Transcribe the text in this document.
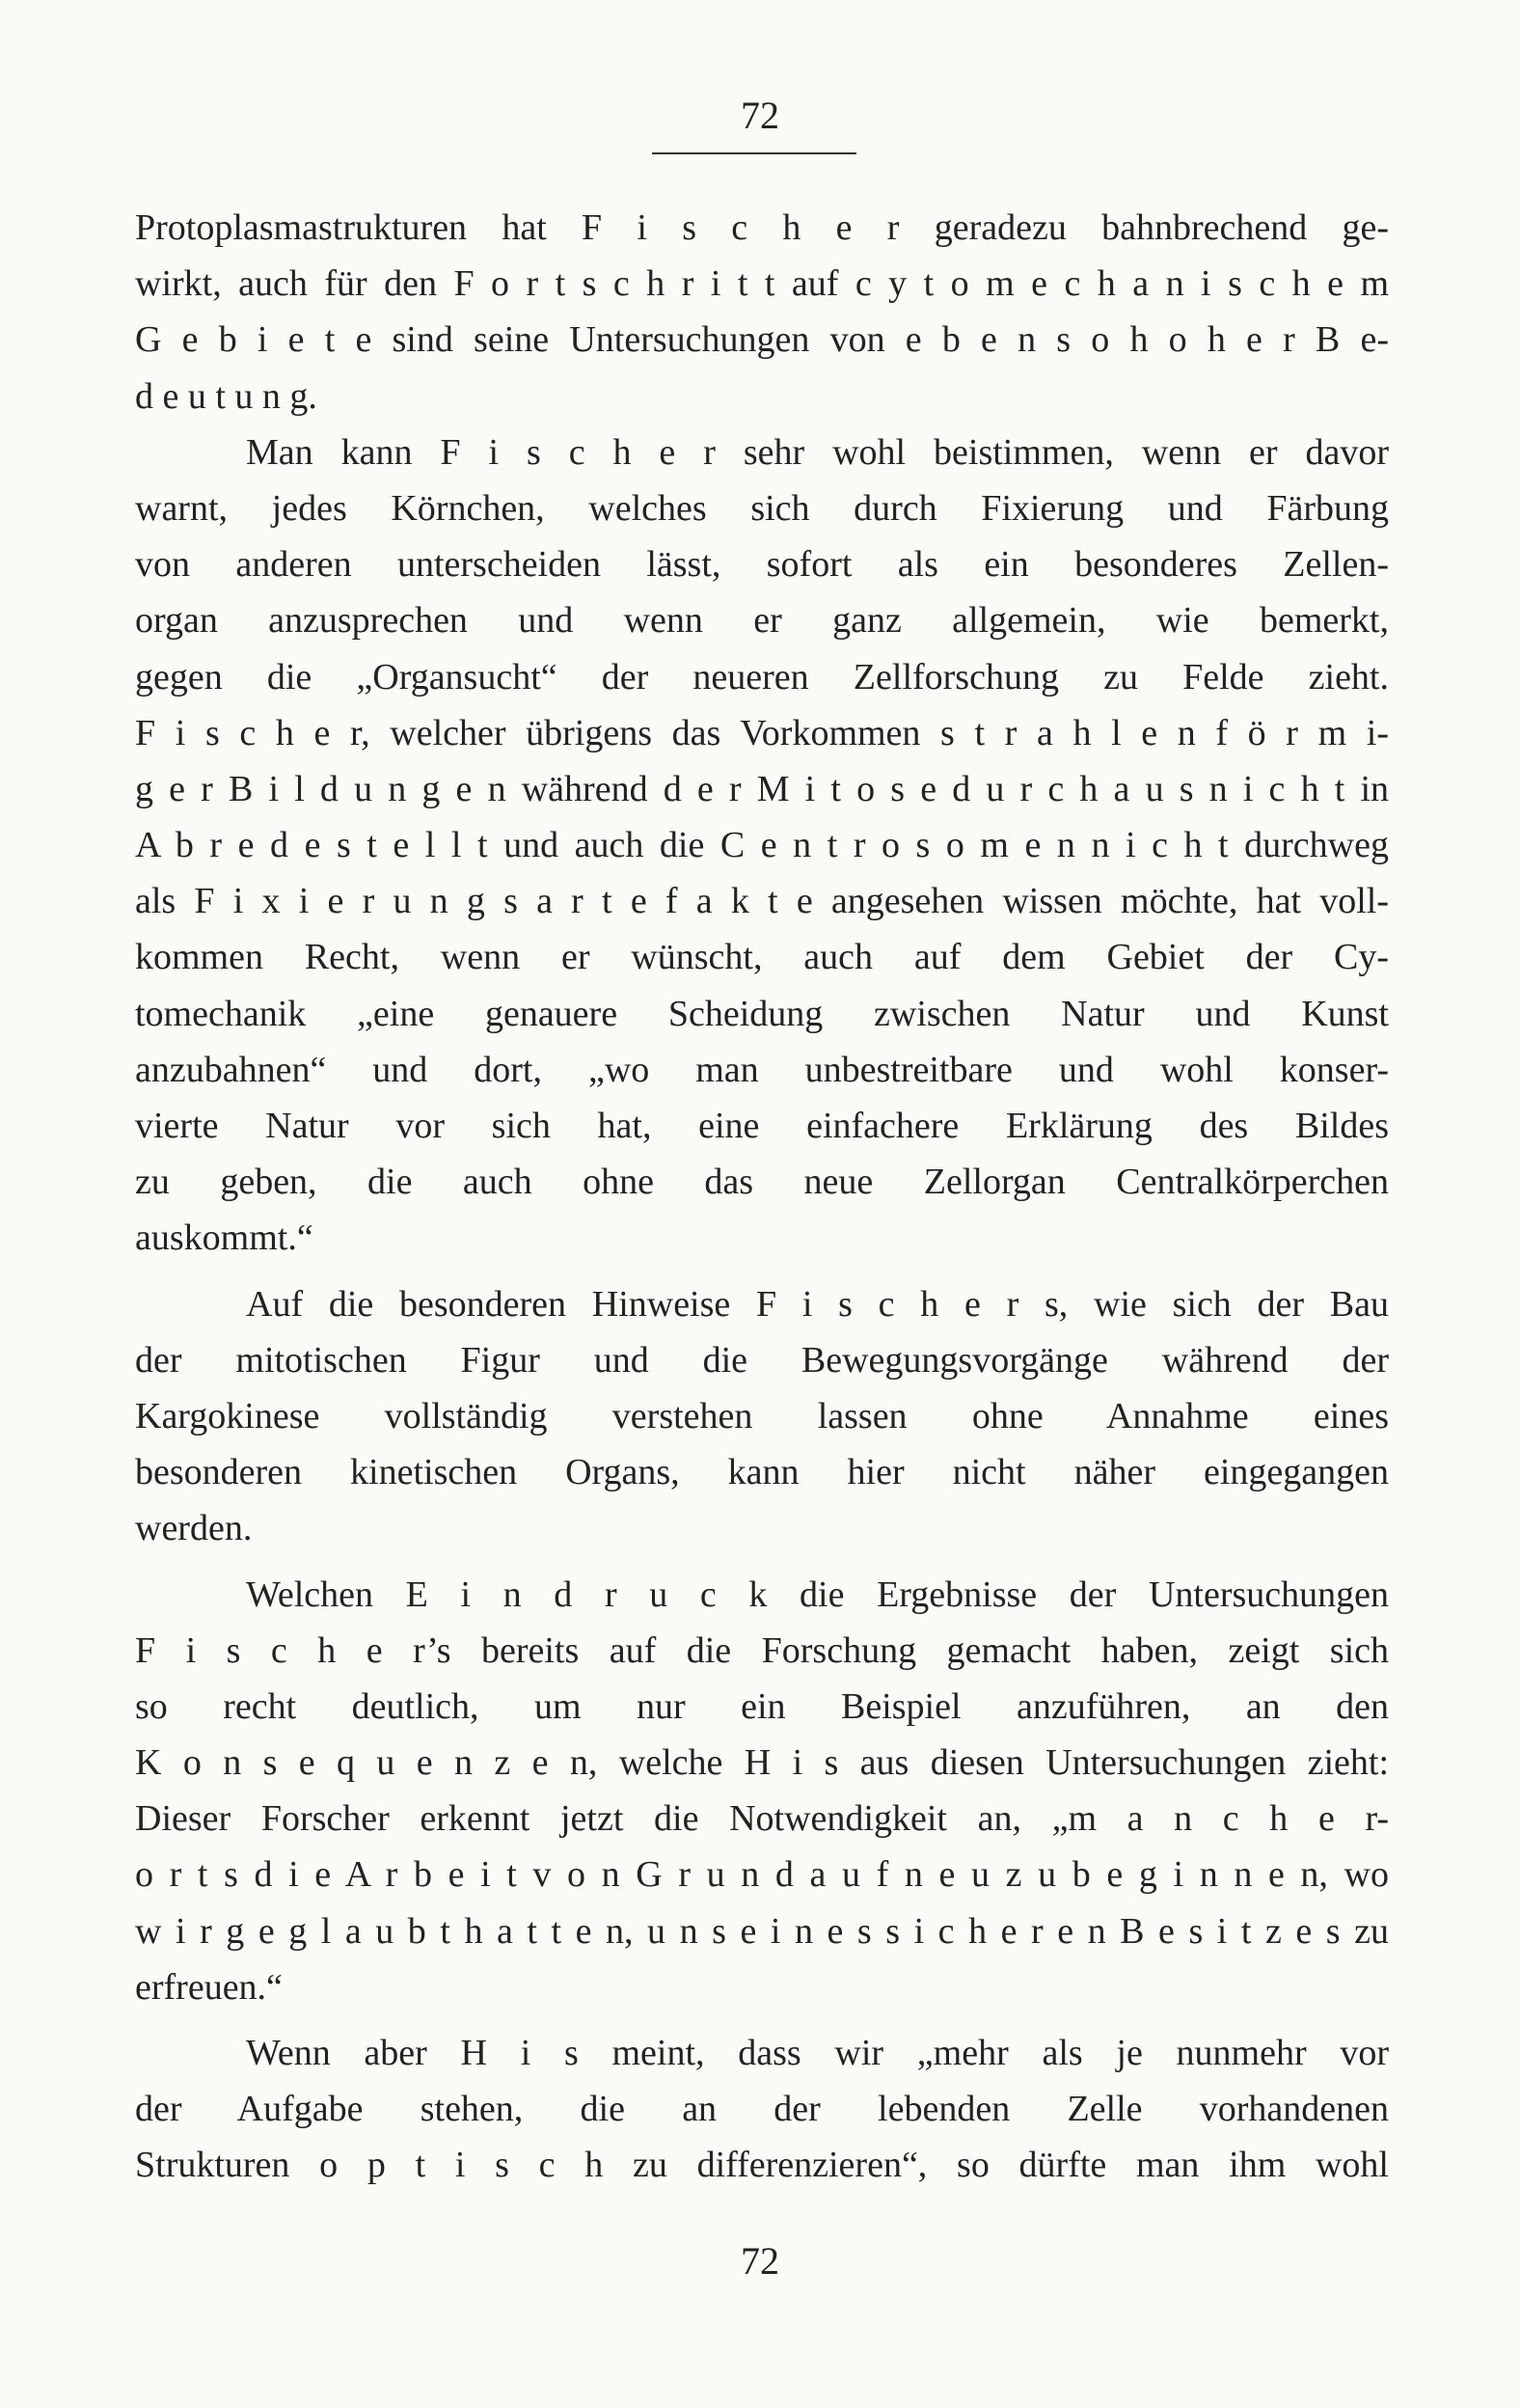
72
Protoplasmastrukturen hat F i s c h e r geradezu bahnbrechend ge-
wirkt, auch für den F o r t s c h r i t t auf c y t o m e c h a n i s c h e m
G e b i e t e sind seine Untersuchungen von e b e n s o h o h e r B e-
d e u t u n g.
Man kann F i s c h e r sehr wohl beistimmen, wenn er davor
warnt, jedes Körnchen, welches sich durch Fixierung und Färbung
von anderen unterscheiden lässt, sofort als ein besonderes Zellen-
organ anzusprechen und wenn er ganz allgemein, wie bemerkt,
gegen die „Organsucht“ der neueren Zellforschung zu Felde zieht.
F i s c h e r, welcher übrigens das Vorkommen s t r a h l e n f ö r m i-
g e r B i l d u n g e n während d e r M i t o s e d u r c h a u s n i c h t in
A b r e d e s t e l l t und auch die C e n t r o s o m e n n i c h t durchweg
als F i x i e r u n g s a r t e f a k t e angesehen wissen möchte, hat voll-
kommen Recht, wenn er wünscht, auch auf dem Gebiet der Cy-
tomechanik „eine genauere Scheidung zwischen Natur und Kunst
anzubahnen“ und dort, „wo man unbestreitbare und wohl konser-
vierte Natur vor sich hat, eine einfachere Erklärung des Bildes
zu geben, die auch ohne das neue Zellorgan Centralkörperchen
auskommt.“
Auf die besonderen Hinweise F i s c h e r s, wie sich der Bau
der mitotischen Figur und die Bewegungsvorgänge während der
Kargokinese vollständig verstehen lassen ohne Annahme eines
besonderen kinetischen Organs, kann hier nicht näher eingegangen
werden.
Welchen E i n d r u c k die Ergebnisse der Untersuchungen
F i s c h e r’s bereits auf die Forschung gemacht haben, zeigt sich
so recht deutlich, um nur ein Beispiel anzuführen, an den
K o n s e q u e n z e n, welche H i s aus diesen Untersuchungen zieht:
Dieser Forscher erkennt jetzt die Notwendigkeit an, „m a n c h e r-
o r t s d i e A r b e i t v o n G r u n d a u f n e u z u b e g i n n e n, wo
w i r g e g l a u b t h a t t e n, u n s e i n e s s i c h e r e n B e s i t z e s zu
erfreuen.“
Wenn aber H i s meint, dass wir „mehr als je nunmehr vor
der Aufgabe stehen, die an der lebenden Zelle vorhandenen
Strukturen o p t i s c h zu differenzieren“, so dürfte man ihm wohl
72
